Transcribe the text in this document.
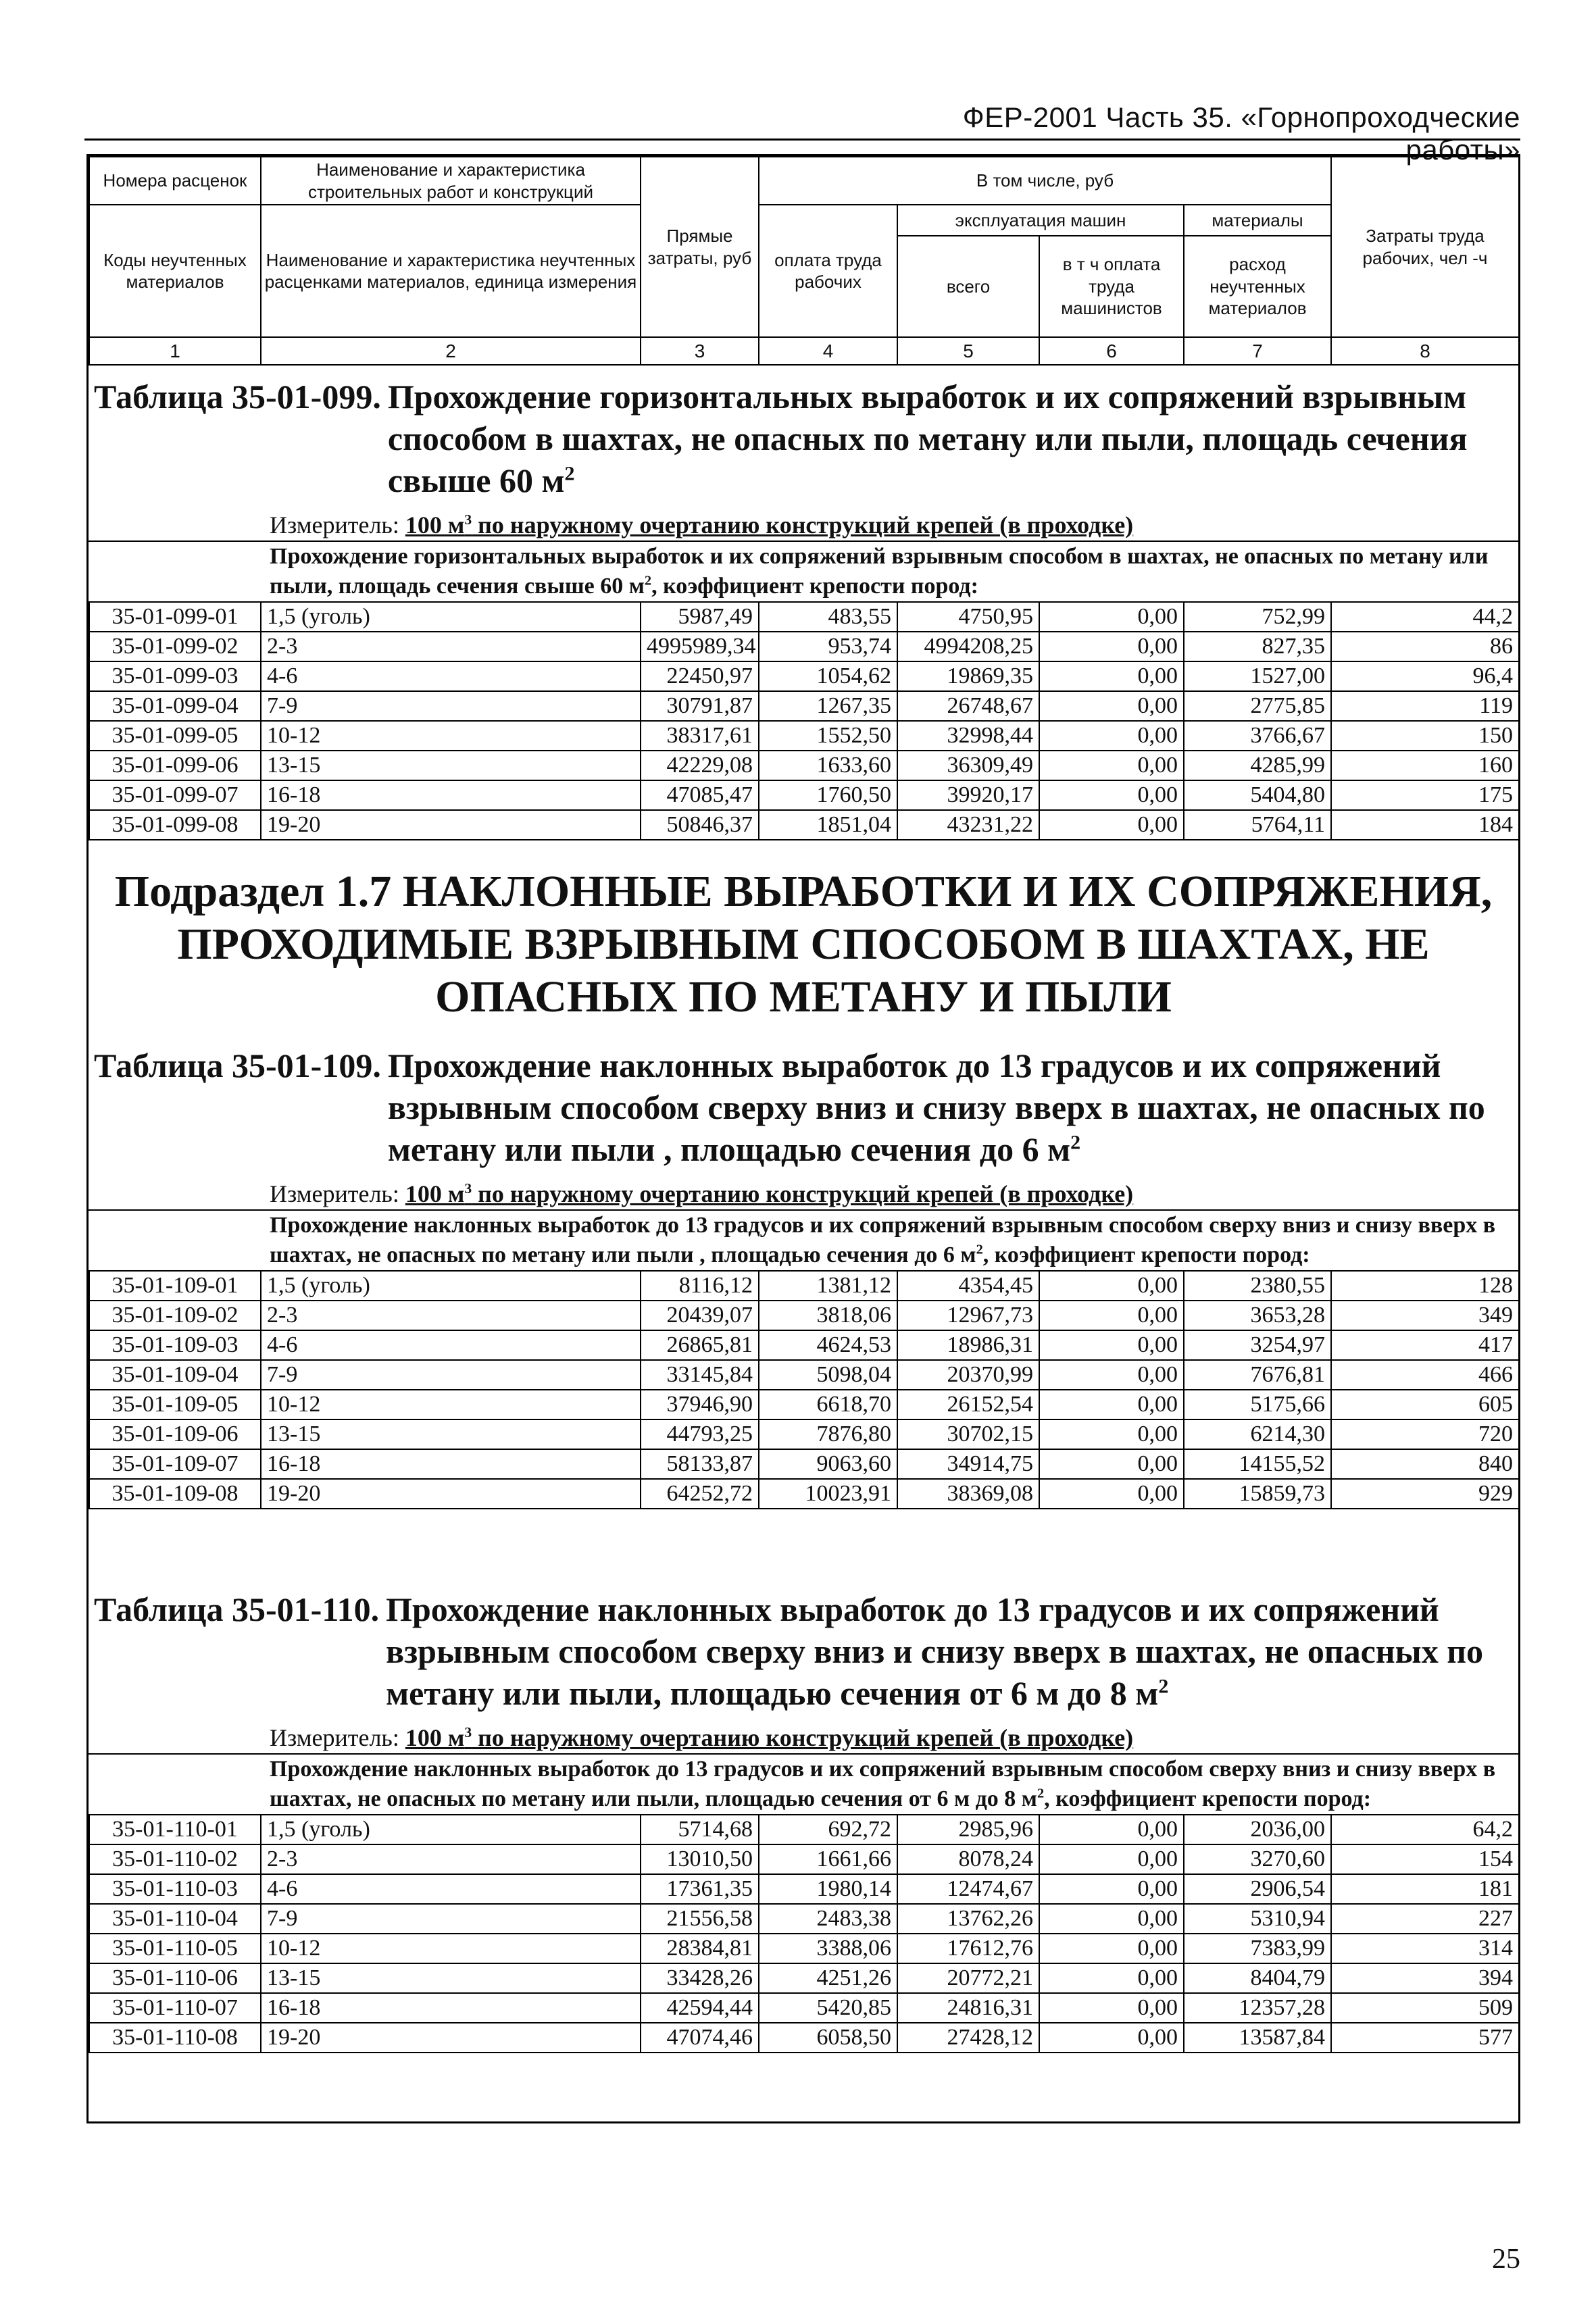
ФЕР-2001 Часть 35. «Горнопроходческие работы»
Номера расценок	Наименование и характеристика строительных работ и конструкций	Прямые затраты, руб	В том числе, руб				Затраты труда рабочих, чел -ч
Коды неучтенных материалов	Наименование и характеристика неучтенных расценками материалов, единица измерения		оплата труда рабочих	эксплуатация машин		материалы	
				всего	в т ч оплата труда машинистов	расход неучтенных материалов	
1	2	3	4	5	6	7	8
Таблица 35-01-099. Прохождение горизонтальных выработок и их сопряжений взрывным способом в шахтах, не опасных по метану или пыли, площадь сечения свыше 60 $м^2$
Измеритель: 100 $м^3$ по наружному очертанию конструкций крепей (в проходке)
Прохождение горизонтальных выработок и их сопряжений взрывным способом в шахтах, не опасных по метану или пыли, площадь сечения свыше 60 $м^2$, коэффициент крепости пород:
35-01-099-01	1,5 (уголь)	5987,49	483,55	4750,95	0,00	752,99	44,2
35-01-099-02	2-3	4995989,34	953,74	4994208,25	0,00	827,35	86
35-01-099-03	4-6	22450,97	1054,62	19869,35	0,00	1527,00	96,4
35-01-099-04	7-9	30791,87	1267,35	26748,67	0,00	2775,85	119
35-01-099-05	10-12	38317,61	1552,50	32998,44	0,00	3766,67	150
35-01-099-06	13-15	42229,08	1633,60	36309,49	0,00	4285,99	160
35-01-099-07	16-18	47085,47	1760,50	39920,17	0,00	5404,80	175
35-01-099-08	19-20	50846,37	1851,04	43231,22	0,00	5764,11	184
Подраздел 1.7 НАКЛОННЫЕ ВЫРАБОТКИ И ИХ СОПРЯЖЕНИЯ, ПРОХОДИМЫЕ ВЗРЫВНЫМ СПОСОБОМ В ШАХТАХ, НЕ ОПАСНЫХ ПО МЕТАНУ И ПЫЛИ
Таблица 35-01-109. Прохождение наклонных выработок до 13 градусов и их сопряжений взрывным способом сверху вниз и снизу вверх в шахтах, не опасных по метану или пыли , площадью сечения до 6 $м^2$
Измеритель: 100 $м^3$ по наружному очертанию конструкций крепей (в проходке)
Прохождение наклонных выработок до 13 градусов и их сопряжений взрывным способом сверху вниз и снизу вверх в шахтах, не опасных по метану или пыли , площадью сечения до 6 $м^2$, коэффициент крепости пород:
35-01-109-01	1,5 (уголь)	8116,12	1381,12	4354,45	0,00	2380,55	128
35-01-109-02	2-3	20439,07	3818,06	12967,73	0,00	3653,28	349
35-01-109-03	4-6	26865,81	4624,53	18986,31	0,00	3254,97	417
35-01-109-04	7-9	33145,84	5098,04	20370,99	0,00	7676,81	466
35-01-109-05	10-12	37946,90	6618,70	26152,54	0,00	5175,66	605
35-01-109-06	13-15	44793,25	7876,80	30702,15	0,00	6214,30	720
35-01-109-07	16-18	58133,87	9063,60	34914,75	0,00	14155,52	840
35-01-109-08	19-20	64252,72	10023,91	38369,08	0,00	15859,73	929
Таблица 35-01-110. Прохождение наклонных выработок до 13 градусов и их сопряжений взрывным способом сверху вниз и снизу вверх в шахтах, не опасных по метану или пыли, площадью сечения от 6 м до 8 $м^2$
Измеритель: 100 $м^3$ по наружному очертанию конструкций крепей (в проходке)
Прохождение наклонных выработок до 13 градусов и их сопряжений взрывным способом сверху вниз и снизу вверх в шахтах, не опасных по метану или пыли, площадью сечения от 6 м до 8 $м^2$, коэффициент крепости пород:
35-01-110-01	1,5 (уголь)	5714,68	692,72	2985,96	0,00	2036,00	64,2
35-01-110-02	2-3	13010,50	1661,66	8078,24	0,00	3270,60	154
35-01-110-03	4-6	17361,35	1980,14	12474,67	0,00	2906,54	181
35-01-110-04	7-9	21556,58	2483,38	13762,26	0,00	5310,94	227
35-01-110-05	10-12	28384,81	3388,06	17612,76	0,00	7383,99	314
35-01-110-06	13-15	33428,26	4251,26	20772,21	0,00	8404,79	394
35-01-110-07	16-18	42594,44	5420,85	24816,31	0,00	12357,28	509
35-01-110-08	19-20	47074,46	6058,50	27428,12	0,00	13587,84	577
25
